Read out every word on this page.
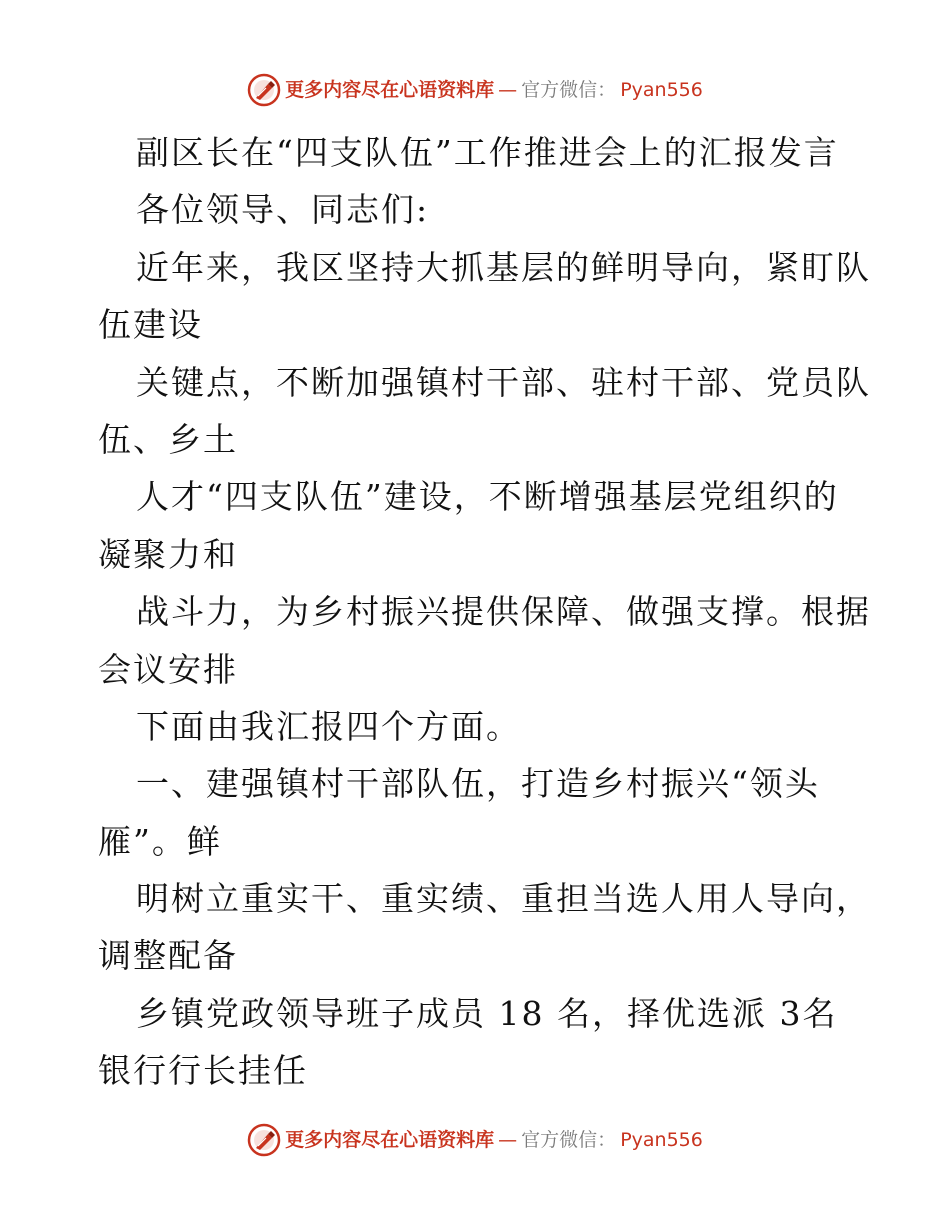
更多内容尽在心语资料库 — 官方微信： Pyan556
副区长在“四支队伍”工作推进会上的汇报发言
各位领导、同志们:
近年来，我区坚持大抓基层的鲜明导向，紧盯队
伍建设
关键点，不断加强镇村干部、驻村干部、党员队
伍、乡土
人才“四支队伍”建设，不断增强基层党组织的
凝聚力和
战斗力，为乡村振兴提供保障、做强支撑。根据
会议安排
下面由我汇报四个方面。
一、建强镇村干部队伍，打造乡村振兴“领头
雁”。鲜
明树立重实干、重实绩、重担当选人用人导向，
调整配备
乡镇党政领导班子成员 18 名，择优选派 3名
银行行长挂任
更多内容尽在心语资料库 — 官方微信： Pyan556
